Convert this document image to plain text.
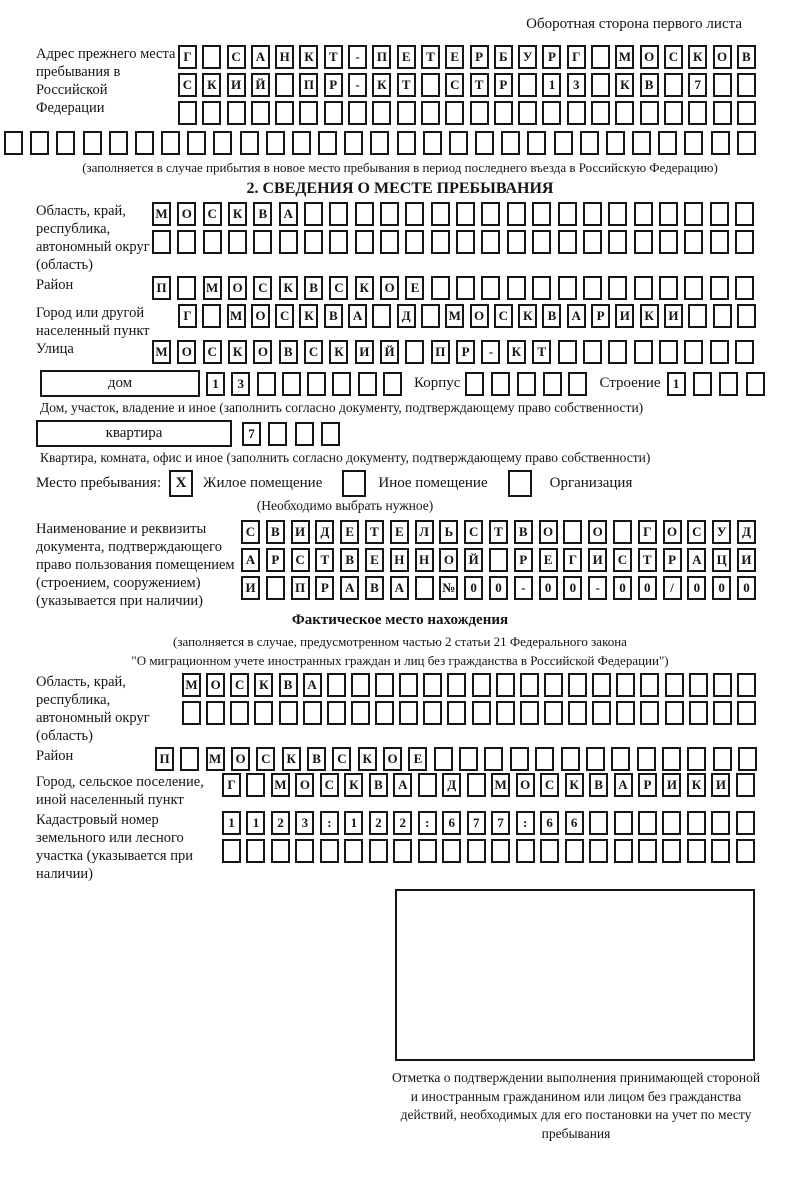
Оборотная сторона первого листа
Адрес прежнего места пребывания в Российской Федерации
Г	С	А	Н	К	Т	-	П	Е	Т	Е	Р	Б	У	Р	Г	М	О	С	К	О	В
С	К	И	Й	П	Р	-	К	Т	С	Т	Р	1	3	К	В	7
(заполняется в случае прибытия в новое место пребывания в период последнего въезда в Российскую Федерацию)
2. СВЕДЕНИЯ О МЕСТЕ ПРЕБЫВАНИЯ
Область, край, республика, автономный округ (область)
М	О	С	К	В	А
Район	П	М	О	С	К	В	С	К	О	Е
Город или другой населенный пункт
Г	М	О	С	К	В	А	Д	М	О	С	К	В	А	Р	И	К	И
Улица	М	О	С	К	О	В	С	К	И	Й	П	Р	-	К	Т
дом	1	3	Корпус	Строение 1
Дом, участок, владение и иное (заполнить согласно документу, подтверждающему право собственности)
квартира	7
Квартира, комната, офис и иное (заполнить согласно документу, подтверждающему право собственности)
Место пребывания: X	Жилое помещение	Иное помещение	Организация
(Необходимо выбрать нужное)
Наименование и реквизиты документа, подтверждающего право пользования помещением (строением, сооружением) (указывается при наличии)
С	В	И	Д	Е	Т	Е	Л	Ь	С	Т	В	О	О	Г	О	С	У	Д
А	Р	С	Т	В	Е	Н	Н	О	Й	Р	Е	Г	И	С	Т	Р	А	Ц	И
И	П	Р	А	В	А	№	0	0	-	0	0	-	0	0	/	0	0	0
Фактическое место нахождения
(заполняется в случае, предусмотренном частью 2 статьи 21 Федерального закона
"О миграционном учете иностранных граждан и лиц без гражданства в Российской Федерации")
Область, край, республика, автономный округ (область)
М О	С	К	В	А
Район	П	М	О	С	К	В	С	К	О	Е
Город, сельское поселение, иной населенный пункт
Г	М	О	С	К	В	А	Д	М	О	С	К	В	А	Р	И	К	И
Кадастровый номер земельного или лесного участка (указывается при наличии)
1	1	2	3	:	1	2	2	:	6	7	7	:	6	6
Отметка о подтверждении выполнения принимающей стороной и иностранным гражданином или лицом без гражданства действий, необходимых для его постановки на учет по месту пребывания
